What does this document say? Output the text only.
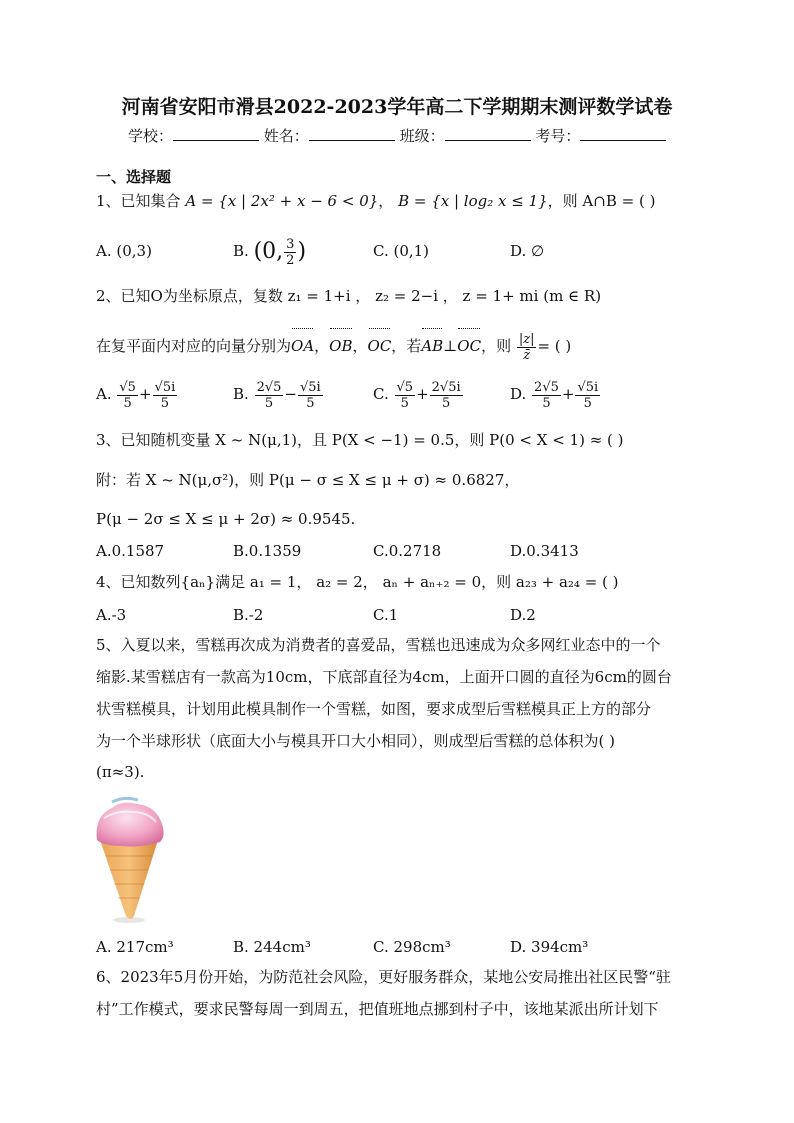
河南省安阳市滑县2022-2023学年高二下学期期末测评数学试卷
学校：	姓名：	班级：	考号：
一、选择题
1、已知集合 A = {x | 2x² + x − 6 < 0}， B = {x | log₂ x ≤ 1}，则 A∩B = ( )
A. (0,3)	B. (0, $\frac{3}{2}$ )	C. (0,1)	D. ∅
2、已知O为坐标原点，复数 z₁ = 1+i ， z₂ = 2−i ， z = 1+ mi (m ∈ R)
在复平面内对应的向量分别为OA，OB，OC，若AB⊥OC，则 $\frac{|z|}{z̄}$ = ( )
A. $\frac{√5}{5} + \frac{√5i}{5}$	B. $\frac{2√5}{5} - \frac{√5i}{5}$	C. $\frac{√5}{5} + \frac{2√5i}{5}$	D. $\frac{2√5}{5} + \frac{√5i}{5}$
3、已知随机变量 X ~ N(μ,1)，且 P(X < −1) = 0.5，则 P(0 < X < 1) ≈ ( )
附：若 X ~ N(μ,σ²)，则 P(μ − σ ≤ X ≤ μ + σ) ≈ 0.6827，
P(μ − 2σ ≤ X ≤ μ + 2σ) ≈ 0.9545.
A.0.1587	B.0.1359	C.0.2718	D.0.3413
4、已知数列{aₙ}满足 a₁ = 1， a₂ = 2， aₙ + aₙ₊₂ = 0，则 a₂₃ + a₂₄ = ( )
A.-3	B.-2	C.1	D.2
5、入夏以来，雪糕再次成为消费者的喜爱品，雪糕也迅速成为众多网红业态中的一个
缩影.某雪糕店有一款高为10cm，下底部直径为4cm，上面开口圆的直径为6cm的圆台
状雪糕模具，计划用此模具制作一个雪糕，如图，要求成型后雪糕模具正上方的部分
为一个半球形状（底面大小与模具开口大小相同），则成型后雪糕的总体积为( )
(π≈3).
A. 217cm³	B. 244cm³	C. 298cm³	D. 394cm³
6、2023年5月份开始，为防范社会风险，更好服务群众，某地公安局推出社区民警“驻
村”工作模式，要求民警每周一到周五，把值班地点挪到村子中，该地某派出所计划下
